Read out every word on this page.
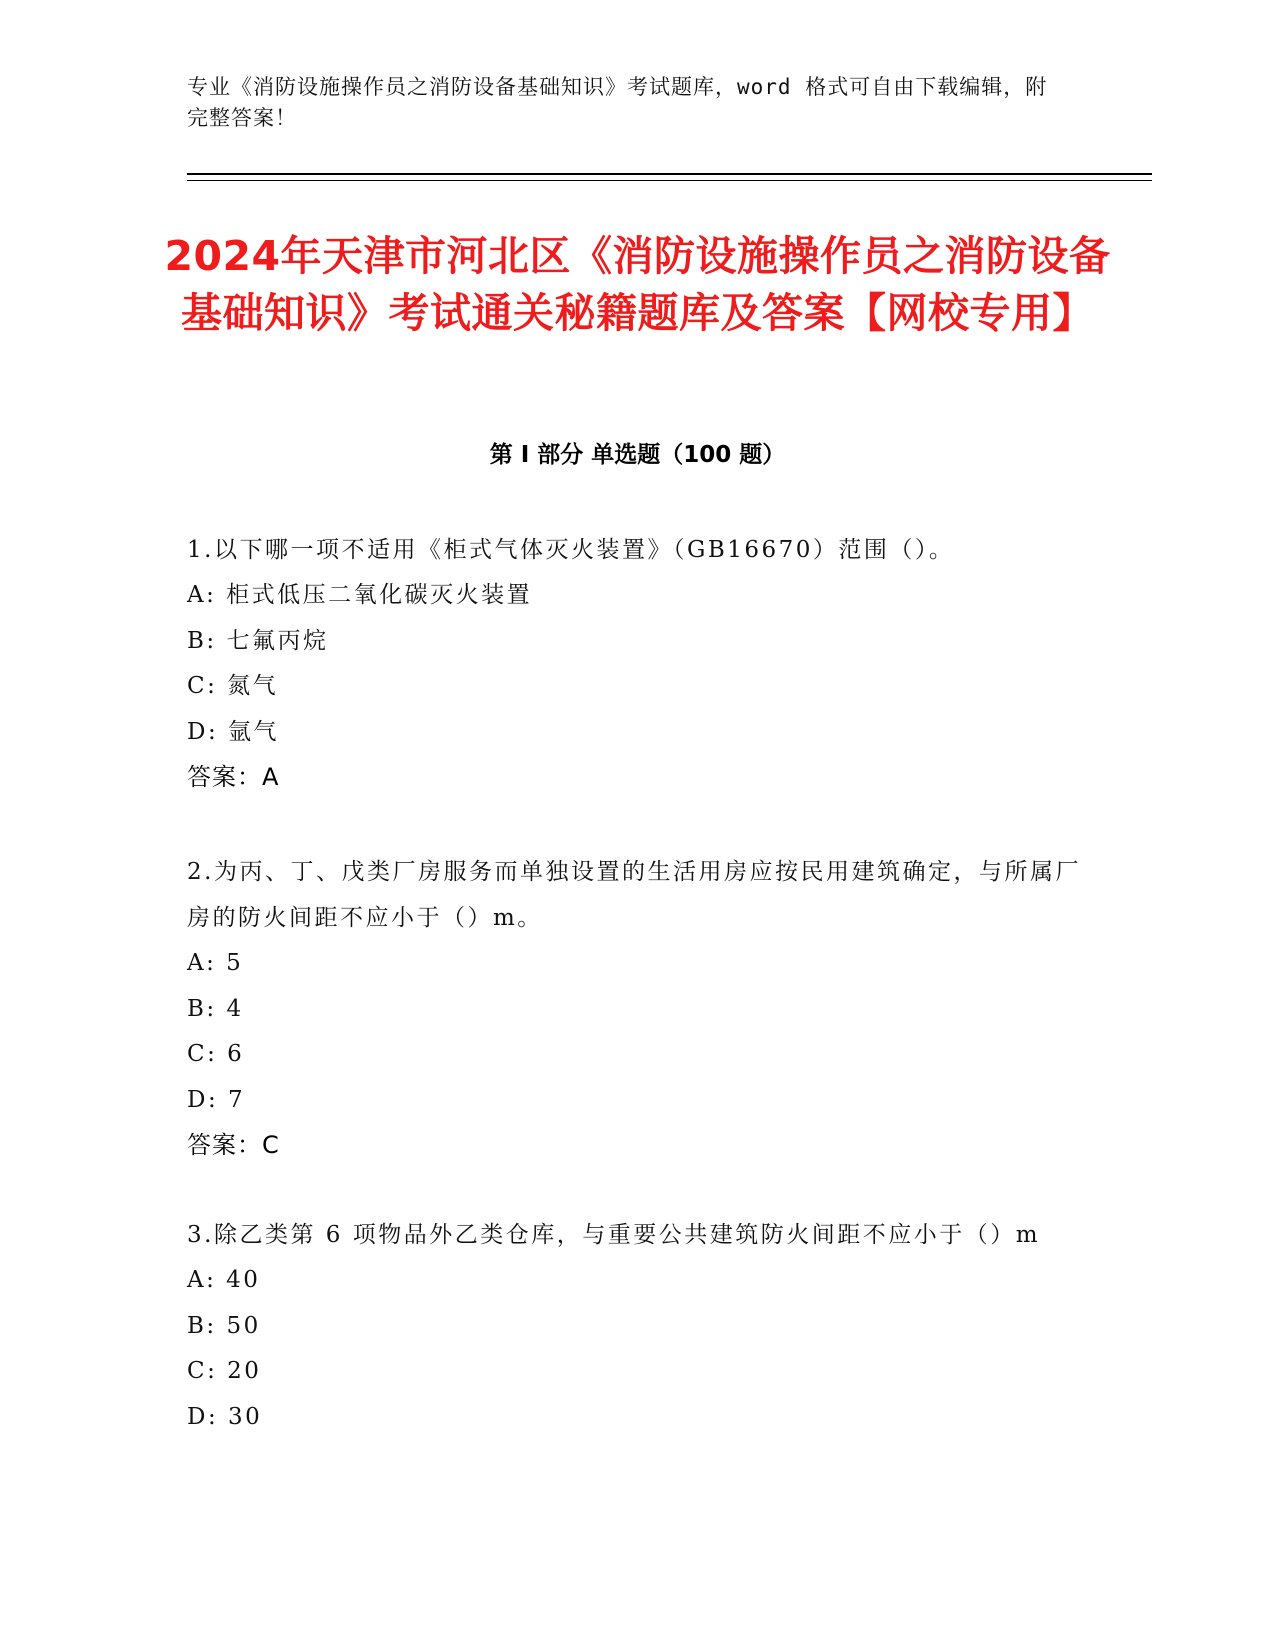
专业《消防设施操作员之消防设备基础知识》考试题库，word 格式可自由下载编辑，附完整答案！
2024年天津市河北区《消防设施操作员之消防设备基础知识》考试通关秘籍题库及答案【网校专用】
第 I 部分 单选题（100 题）

1.以下哪一项不适用《柜式气体灭火装置》（GB16670）范围（）。

A: 柜式低压二氧化碳灭火装置
B: 七氟丙烷
C: 氮气
D: 氩气
答案：A

2.为丙、丁、戊类厂房服务而单独设置的生活用房应按民用建筑确定，与所属厂房的防火间距不应小于（）m。

A: 5
B: 4
C: 6
D: 7
答案：C

3.除乙类第 6 项物品外乙类仓库，与重要公共建筑防火间距不应小于（）m

A: 40
B: 50
C: 20
D: 30
